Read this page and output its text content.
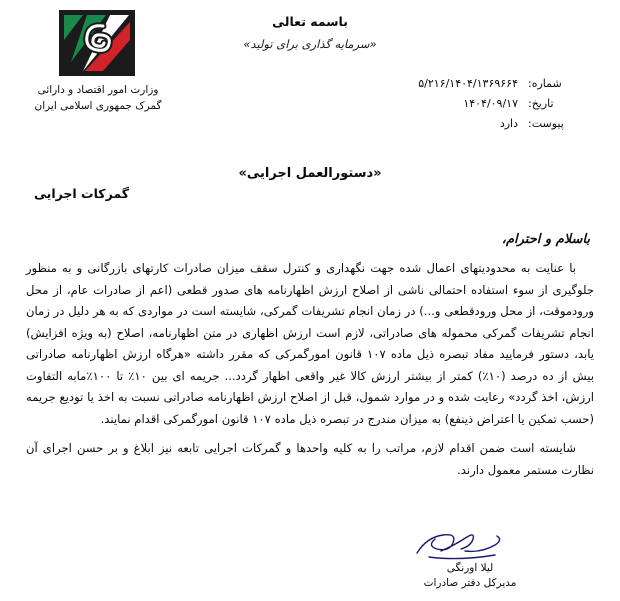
باسمه تعالی
«سرمایه گذاری برای تولید»
وزارت امور اقتصاد و دارائی
گمرک جمهوری اسلامی ایران
شماره:
۵/۲۱۶/۱۴۰۴/۱۳۶۹۶۶۴
تاریخ:
۱۴۰۴/۰۹/۱۷
پیوست:
دارد
«دستورالعمل اجرایی»
گمرکات اجرایی
باسلام و احترام،

با عنایت به محدودیتهای اعمال شده جهت نگهداری و کنترل سقف میزان صادرات کارتهای بازرگانی و به منظور جلوگیری از سوء استفاده احتمالی ناشی از اصلاح ارزش اظهارنامه های صدور قطعی (اعم از صادرات عام، از محل ورودموقت، از محل ورودقطعی و...) در زمان انجام تشریفات گمرکی، شایسته است در مواردی که به هر دلیل در زمان انجام تشریفات گمرکی محموله های صادراتی، لازم است ارزش اظهاری در متن اظهارنامه، اصلاح (به ویژه افزایش) یابد، دستور فرمایید مفاد تبصره ذیل ماده ۱۰۷ قانون امورگمرکی که مقرر داشته «هرگاه ارزش اظهارنامه صادراتی بیش از ده درصد (۱۰٪) کمتر از بیشتر ارزش کالا غیر واقعی اظهار گردد... جریمه ای بین ۱۰٪ تا ۱۰۰٪مابه التفاوت ارزش، اخذ گردد» رعایت شده و در موارد شمول، قبل از اصلاح ارزش اظهارنامه صادراتی نسبت به اخذ یا تودیع جریمه (حسب تمکین یا اعتراض ذینفع) به میزان مندرج در تبصره ذیل ماده ۱۰۷ قانون امورگمرکی اقدام نمایند.

شایسته است ضمن اقدام لازم، مراتب را به کلیه واحدها و گمرکات اجرایی تابعه نیز ابلاغ و بر حسن اجرای آن نظارت مستمر معمول دارند.

لیلا اورنگی
مدیرکل دفتر صادرات
